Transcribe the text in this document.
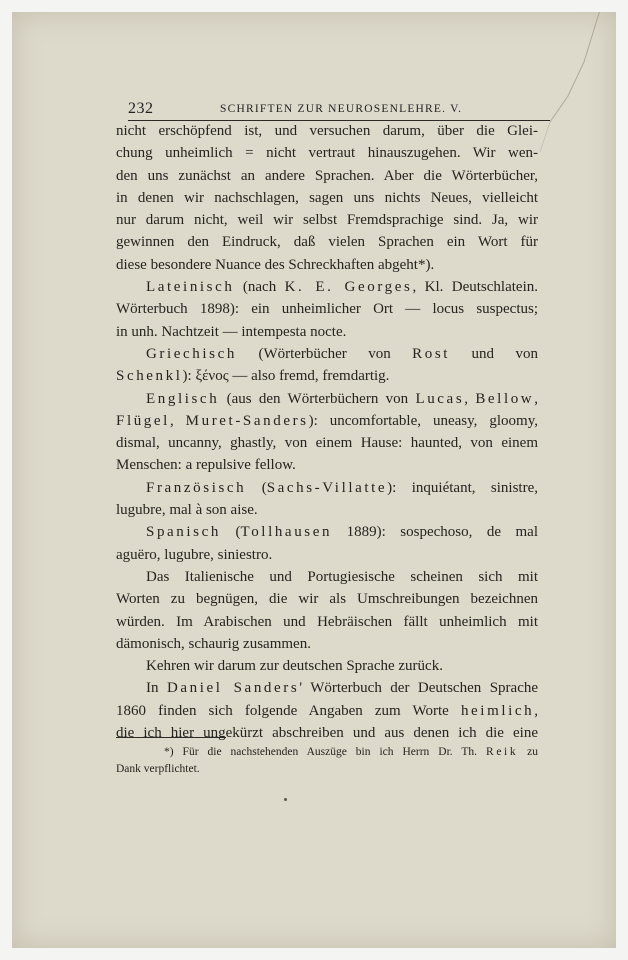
232	SCHRIFTEN ZUR NEUROSENLEHRE. V.
nicht erschöpfend ist, und versuchen darum, über die Glei-
chung unheimlich = nicht vertraut hinauszugehen. Wir wen-
den uns zunächst an andere Sprachen. Aber die Wörterbücher,
in denen wir nachschlagen, sagen uns nichts Neues, vielleicht
nur darum nicht, weil wir selbst Fremdsprachige sind. Ja, wir
gewinnen den Eindruck, daß vielen Sprachen ein Wort für
diese besondere Nuance des Schreckhaften abgeht*).
Lateinisch (nach K. E. Georges, Kl. Deutschlatein.
Wörterbuch 1898): ein unheimlicher Ort — locus suspectus;
in unh. Nachtzeit — intempesta nocte.
Griechisch (Wörterbücher von Rost und von
Schenkl): ξένος — also fremd, fremdartig.
Englisch (aus den Wörterbüchern von Lucas, Bellow,
Flügel, Muret-Sanders): uncomfortable, uneasy, gloomy,
dismal, uncanny, ghastly, von einem Hause: haunted, von einem
Menschen: a repulsive fellow.
Französisch (Sachs-Villatte): inquiétant, sinistre,
lugubre, mal à son aise.
Spanisch (Tollhausen 1889): sospechoso, de mal
aguëro, lugubre, siniestro.
Das Italienische und Portugiesische scheinen sich mit
Worten zu begnügen, die wir als Umschreibungen bezeichnen
würden. Im Arabischen und Hebräischen fällt unheimlich mit
dämonisch, schaurig zusammen.
Kehren wir darum zur deutschen Sprache zurück.
In Daniel Sanders' Wörterbuch der Deutschen Sprache
1860 finden sich folgende Angaben zum Worte heimlich,
die ich hier ungekürzt abschreiben und aus denen ich die eine
*) Für die nachstehenden Auszüge bin ich Herrn Dr. Th. Reik zu
Dank verpflichtet.
